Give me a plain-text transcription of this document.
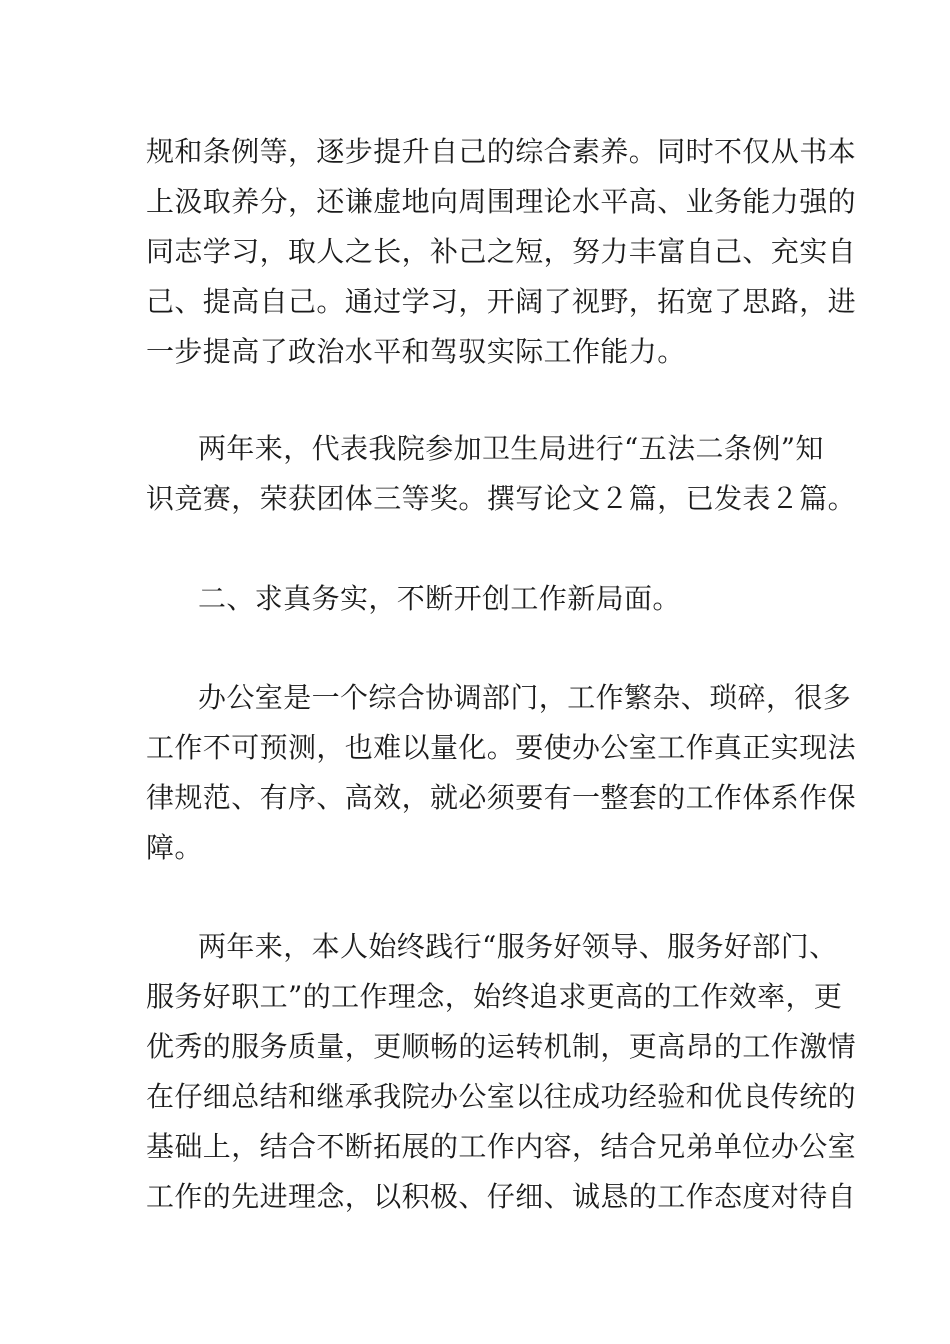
规和条例等，逐步提升自己的综合素养。同时不仅从书本
上汲取养分，还谦虚地向周围理论水平高、业务能力强的
同志学习，取人之长，补己之短，努力丰富自己、充实自
己、提高自己。通过学习，开阔了视野，拓宽了思路，进
一步提高了政治水平和驾驭实际工作能力。
两年来，代表我院参加卫生局进行“五法二条例”知
识竞赛，荣获团体三等奖。撰写论文２篇，已发表２篇。
二、求真务实，不断开创工作新局面。
办公室是一个综合协调部门，工作繁杂、琐碎，很多
工作不可预测，也难以量化。要使办公室工作真正实现法
律规范、有序、高效，就必须要有一整套的工作体系作保
障。
两年来，本人始终践行“服务好领导、服务好部门、
服务好职工”的工作理念，始终追求更高的工作效率，更
优秀的服务质量，更顺畅的运转机制，更高昂的工作激情
在仔细总结和继承我院办公室以往成功经验和优良传统的
基础上，结合不断拓展的工作内容，结合兄弟单位办公室
工作的先进理念，以积极、仔细、诚恳的工作态度对待自
